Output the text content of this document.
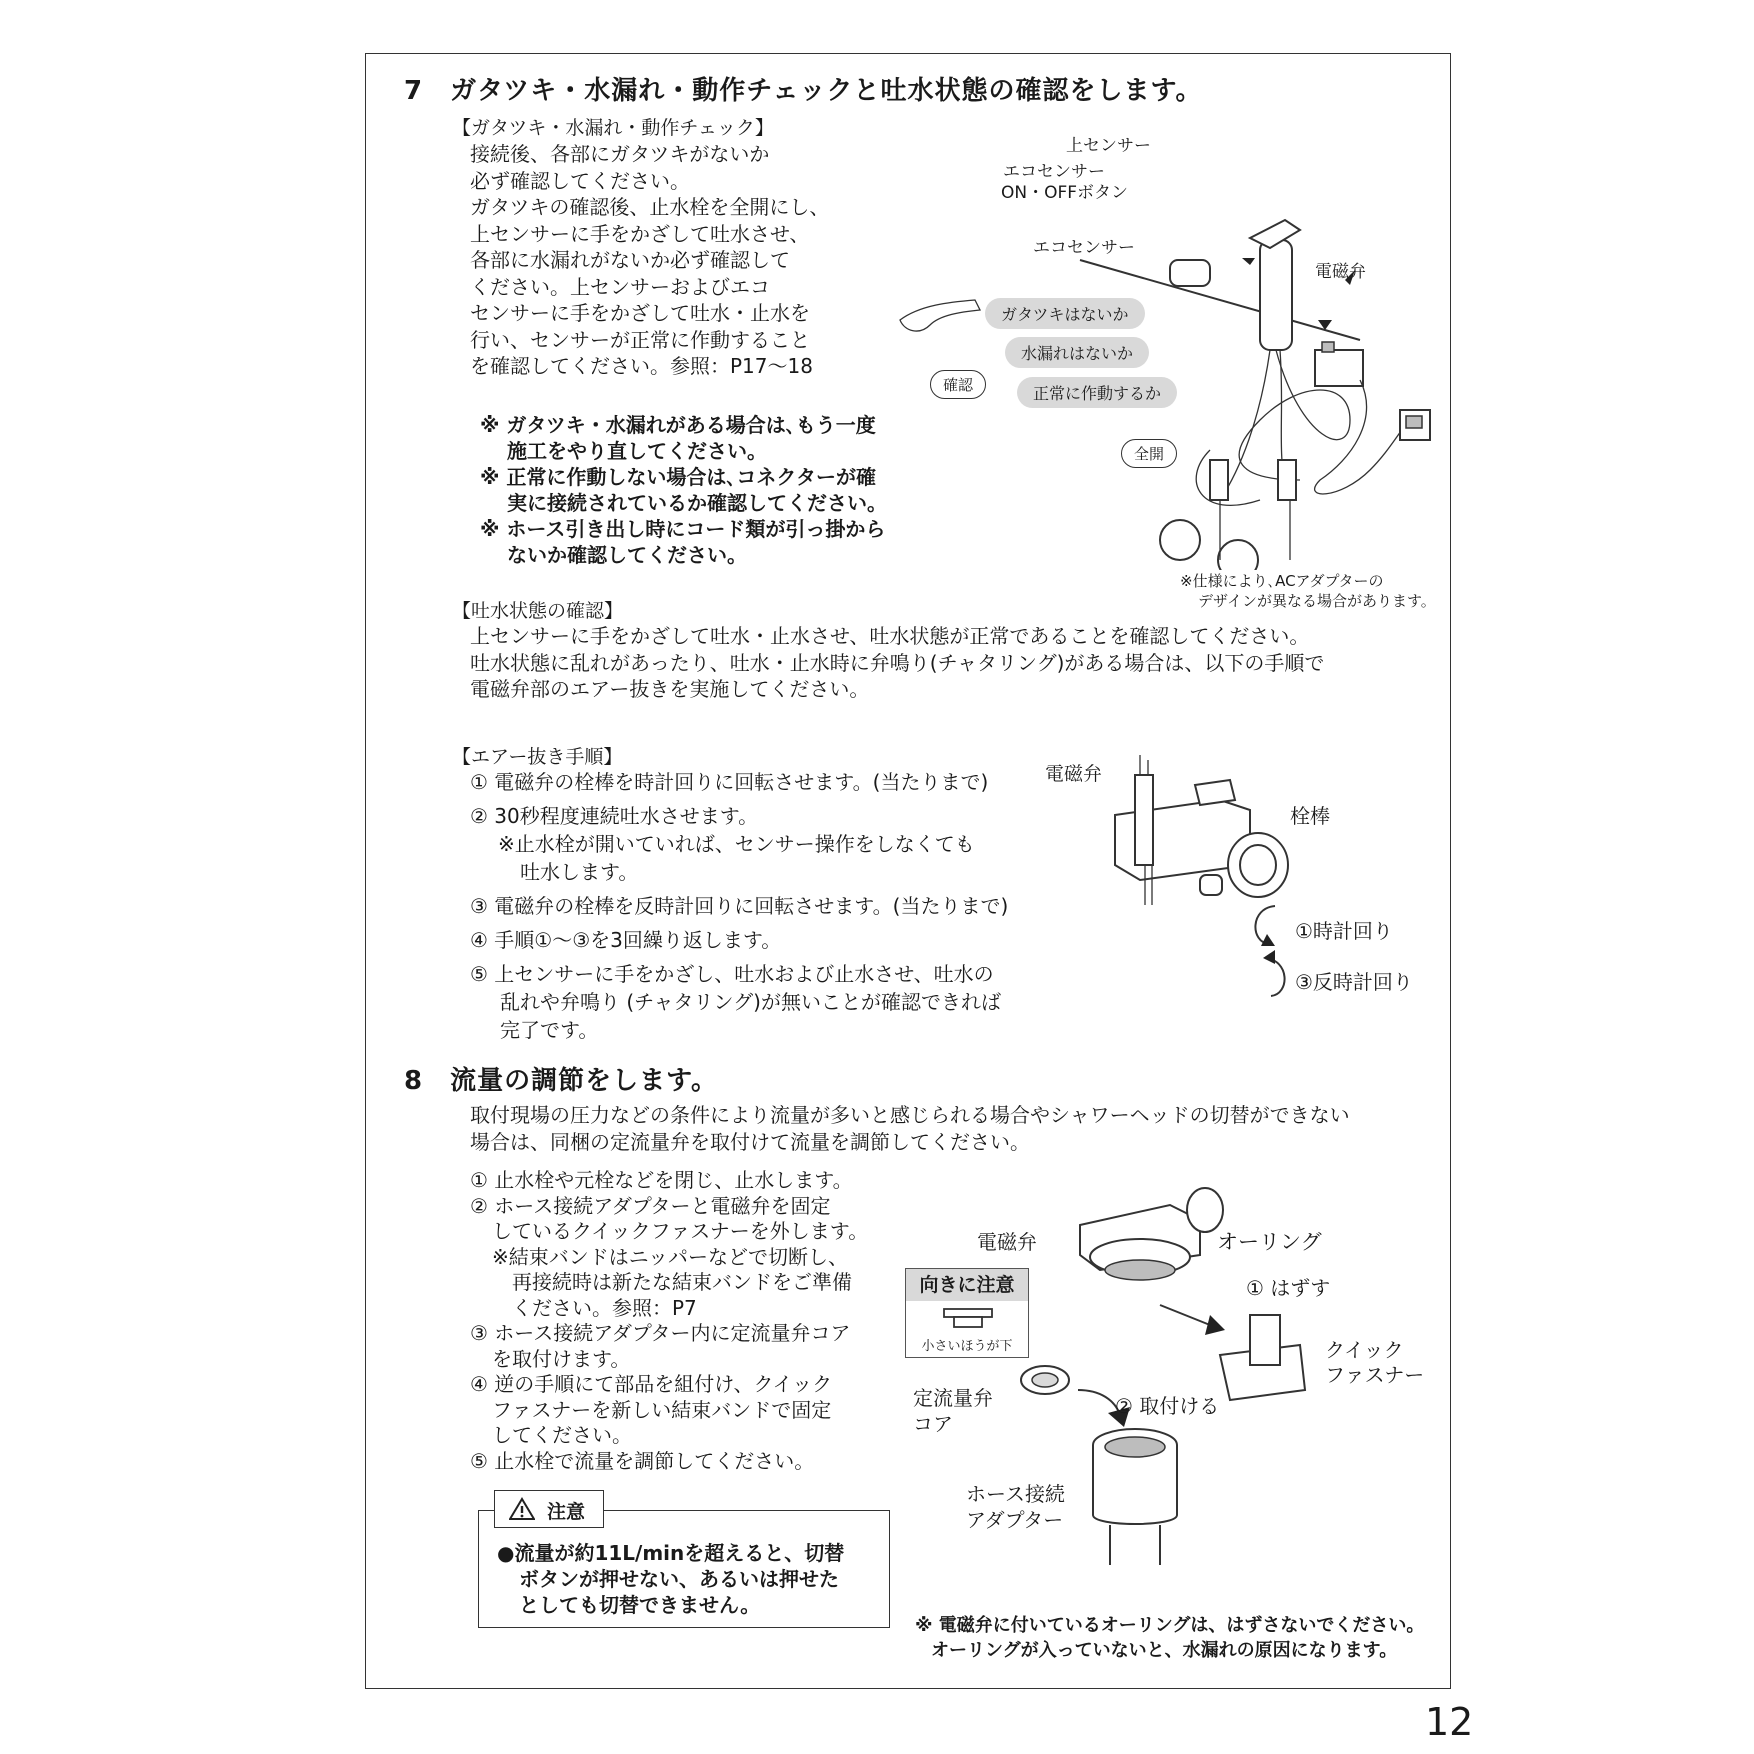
7　ガタツキ・水漏れ・動作チェックと吐水状態の確認をします。
【ガタツキ・水漏れ・動作チェック】
接続後、各部にガタツキがないか
必ず確認してください。
ガタツキの確認後、止水栓を全開にし、
上センサーに手をかざして吐水させ、
各部に水漏れがないか必ず確認して
ください。上センサーおよびエコ
センサーに手をかざして吐水・止水を
行い、センサーが正常に作動すること
を確認してください。参照：P17～18
※ ガタツキ・水漏れがある場合は､もう一度
　 施工をやり直してください。
※ 正常に作動しない場合は､コネクターが確
　 実に接続されているか確認してください。
※ ホース引き出し時にコード類が引っ掛から
　 ないか確認してください。
上センサー
エコセンサー
ON・OFFボタン
エコセンサー
電磁弁
ガタツキはないか
水漏れはないか
正常に作動するか
確認
全開
※仕様により､ACアダプターの
デザインが異なる場合があります。
【吐水状態の確認】
上センサーに手をかざして吐水・止水させ、吐水状態が正常であることを確認してください。
吐水状態に乱れがあったり、吐水・止水時に弁鳴り(チャタリング)がある場合は、以下の手順で
電磁弁部のエアー抜きを実施してください。
【エアー抜き手順】
① 電磁弁の栓棒を時計回りに回転させます。(当たりまで)
② 30秒程度連続吐水させます。
※止水栓が開いていれば、センサー操作をしなくても
吐水します。
③ 電磁弁の栓棒を反時計回りに回転させます。(当たりまで)
④ 手順①～③を3回繰り返します。
⑤ 上センサーに手をかざし、吐水および止水させ、吐水の
乱れや弁鳴り (チャタリング)が無いことが確認できれば
完了です。
電磁弁
栓棒
①時計回り
③反時計回り
8　流量の調節をします。
取付現場の圧力などの条件により流量が多いと感じられる場合やシャワーヘッドの切替ができない
場合は、同梱の定流量弁を取付けて流量を調節してください。
① 止水栓や元栓などを閉じ、止水します。
② ホース接続アダプターと電磁弁を固定
しているクイックファスナーを外します。
※結束バンドはニッパーなどで切断し、
再接続時は新たな結束バンドをご準備
ください。参照：P7
③ ホース接続アダプター内に定流量弁コア
を取付けます。
④ 逆の手順にて部品を組付け、クイック
ファスナーを新しい結束バンドで固定
してください。
⑤ 止水栓で流量を調節してください。
注意
●流量が約11L/minを超えると、切替
ボタンが押せない、あるいは押せた
としても切替できません。
電磁弁	オーリング
① はずす
クイック
ファスナー
向きに注意
小さいほうが下
定流量弁
コア
② 取付ける
ホース接続
アダプター
※ 電磁弁に付いているオーリングは、はずさないでください。
オーリングが入っていないと、水漏れの原因になります。
12
